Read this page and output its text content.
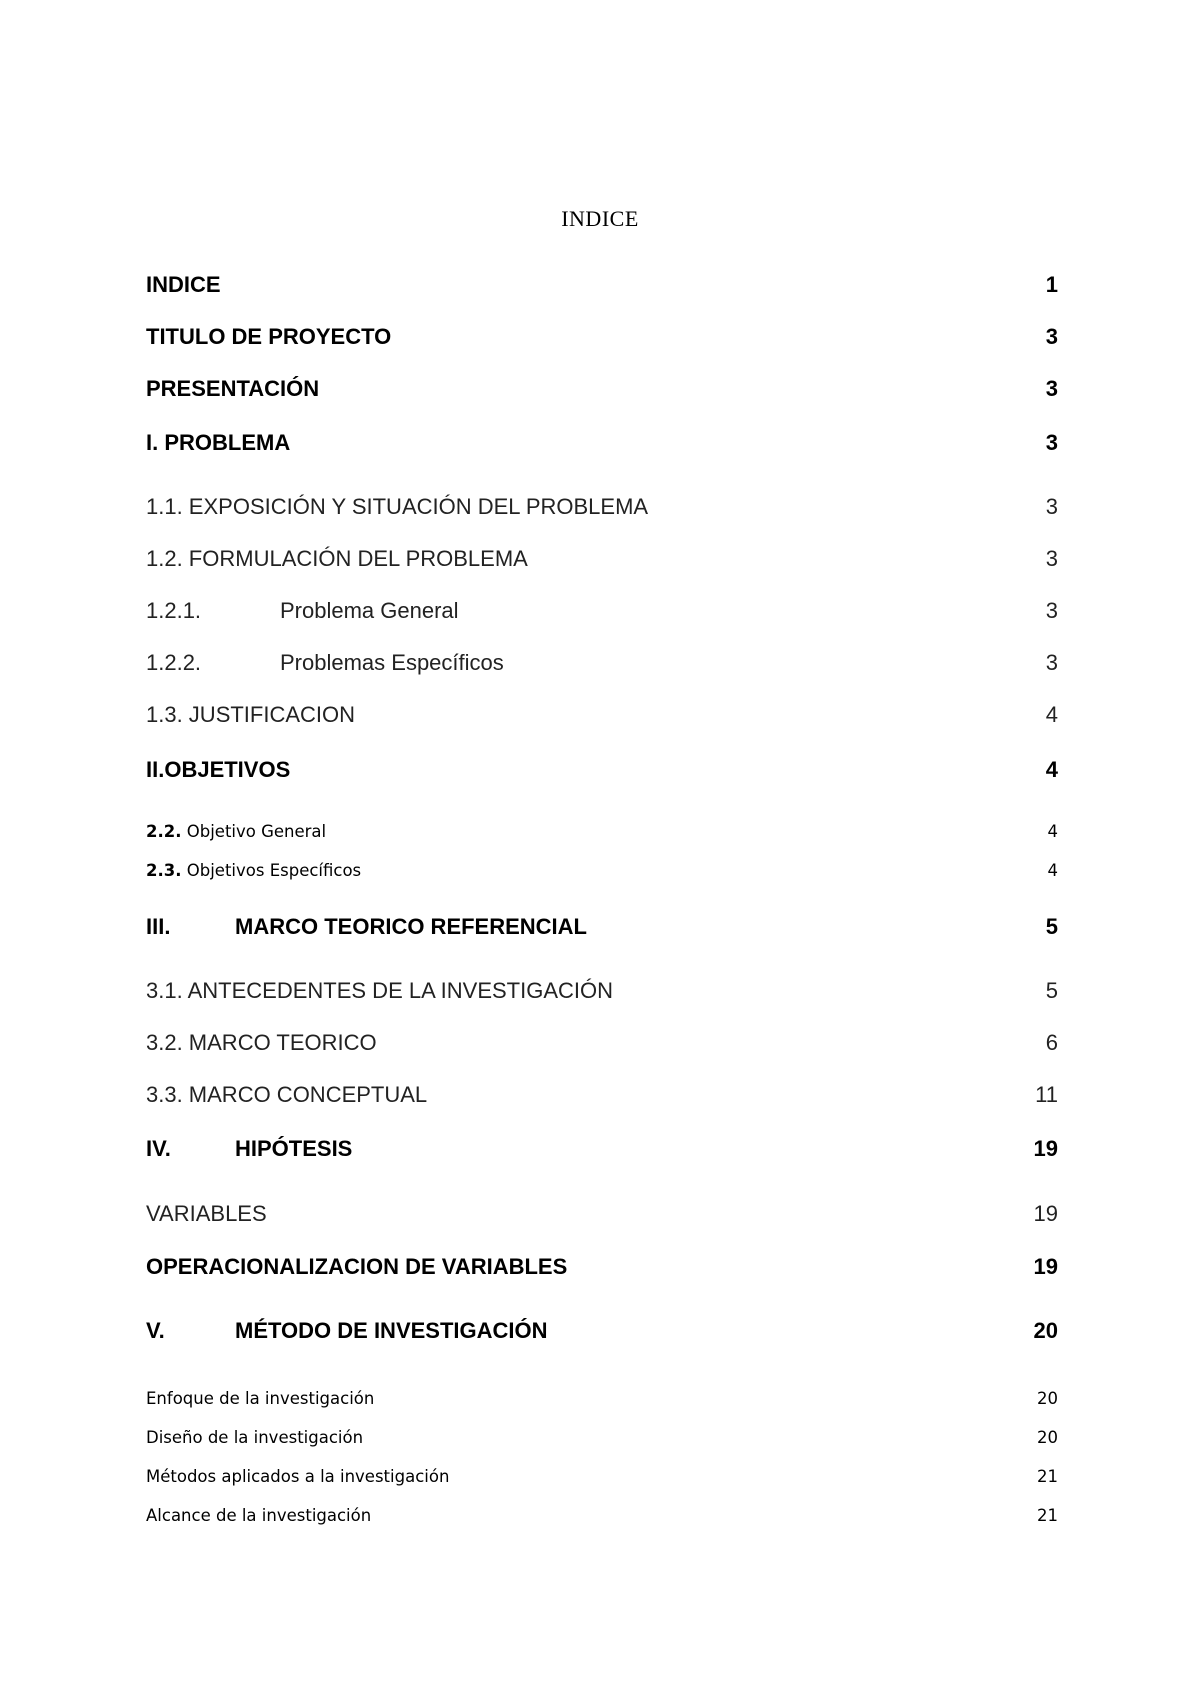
INDICE
INDICE	1
TITULO DE PROYECTO	3
PRESENTACIÓN	3
I. PROBLEMA	3
1.1. EXPOSICIÓN Y SITUACIÓN DEL PROBLEMA	3
1.2. FORMULACIÓN DEL PROBLEMA	3
1.2.1.	Problema General	3
1.2.2.	Problemas Específicos	3
1.3. JUSTIFICACION	4
II.OBJETIVOS	4
2.2. Objetivo General	4
2.3. Objetivos Específicos	4
III.	MARCO TEORICO REFERENCIAL	5
3.1. ANTECEDENTES DE LA INVESTIGACIÓN	5
3.2. MARCO TEORICO	6
3.3. MARCO CONCEPTUAL	11
IV.	HIPÓTESIS	19
VARIABLES	19
OPERACIONALIZACION DE VARIABLES	19
V.	MÉTODO DE INVESTIGACIÓN	20
Enfoque de la investigación	20
Diseño de la investigación	20
Métodos aplicados a la investigación	21
Alcance de la investigación	21
